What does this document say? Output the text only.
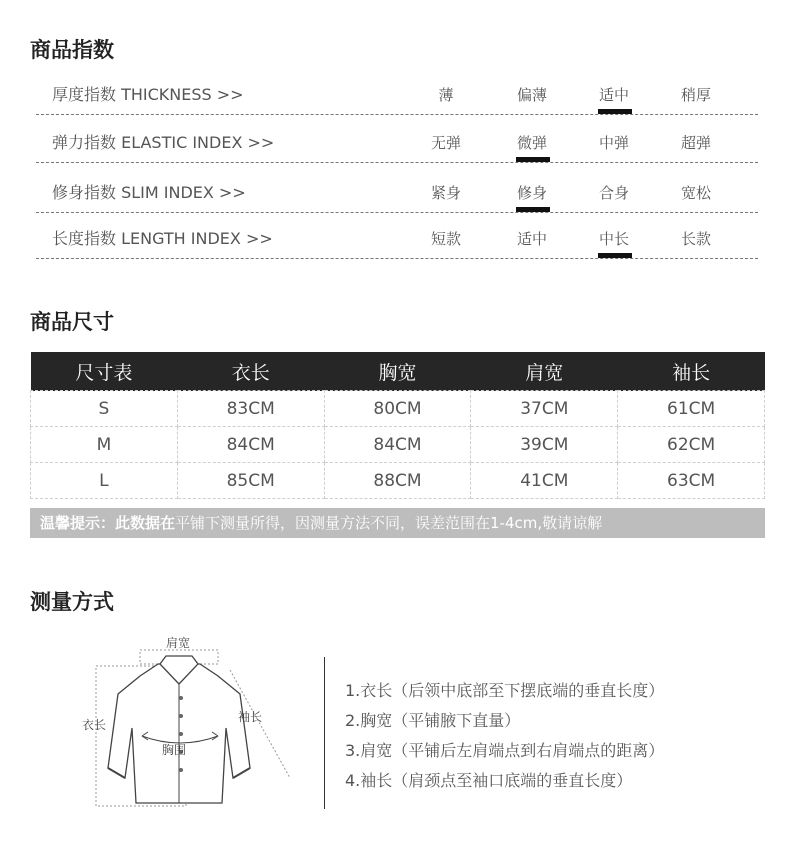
商品指数
厚度指数 THICKNESS >>	薄	偏薄	适中	稍厚
弹力指数 ELASTIC INDEX >>	无弹	微弹	中弹	超弹
修身指数 SLIM INDEX >>	紧身	修身	合身	宽松
长度指数 LENGTH INDEX >>	短款	适中	中长	长款
商品尺寸
尺寸表	衣长	胸宽	肩宽	袖长
S	83CM	80CM	37CM	61CM
M	84CM	84CM	39CM	62CM
L	85CM	88CM	41CM	63CM
温馨提示：此数据在平铺下测量所得，因测量方法不同，误差范围在1-4cm,敬请谅解
测量方式
肩宽
衣长
袖长
胸围
1.衣长（后领中底部至下摆底端的垂直长度）
2.胸宽（平铺腋下直量）
3.肩宽（平铺后左肩端点到右肩端点的距离）
4.袖长（肩颈点至袖口底端的垂直长度）
